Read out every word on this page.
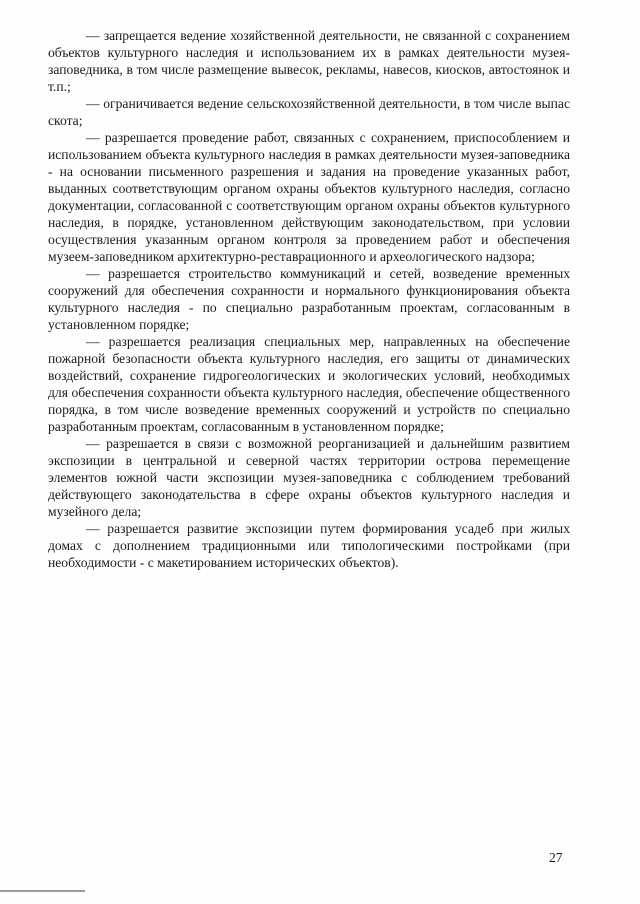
— запрещается ведение хозяйственной деятельности, не связанной с сохранением объектов культурного наследия и использованием их в рамках деятельности музея-заповедника, в том числе размещение вывесок, рекламы, навесов, киосков, автостоянок и т.п.;

— ограничивается ведение сельскохозяйственной деятельности, в том числе выпас скота;

— разрешается проведение работ, связанных с сохранением, приспособлением и использованием объекта культурного наследия в рамках деятельности музея-заповедника - на основании письменного разрешения и задания на проведение указанных работ, выданных соответствующим органом охраны объектов культурного наследия, согласно документации, согласованной с соответствующим органом охраны объектов культурного наследия, в порядке, установленном действующим законодательством, при условии осуществления указанным органом контроля за проведением работ и обеспечения музеем-заповедником архитектурно-реставрационного и археологического надзора;

— разрешается строительство коммуникаций и сетей, возведение временных сооружений для обеспечения сохранности и нормального функционирования объекта культурного наследия - по специально разработанным проектам, согласованным в установленном порядке;

— разрешается реализация специальных мер, направленных на обеспечение пожарной безопасности объекта культурного наследия, его защиты от динамических воздействий, сохранение гидрогеологических и экологических условий, необходимых для обеспечения сохранности объекта культурного наследия, обеспечение общественного порядка, в том числе возведение временных сооружений и устройств по специально разработанным проектам, согласованным в установленном порядке;

— разрешается в связи с возможной реорганизацией и дальнейшим развитием экспозиции в центральной и северной частях территории острова перемещение элементов южной части экспозиции музея-заповедника с соблюдением требований действующего законодательства в сфере охраны объектов культурного наследия и музейного дела;

— разрешается развитие экспозиции путем формирования усадеб при жилых домах с дополнением традиционными или типологическими постройками (при необходимости - с макетированием исторических объектов).

27
